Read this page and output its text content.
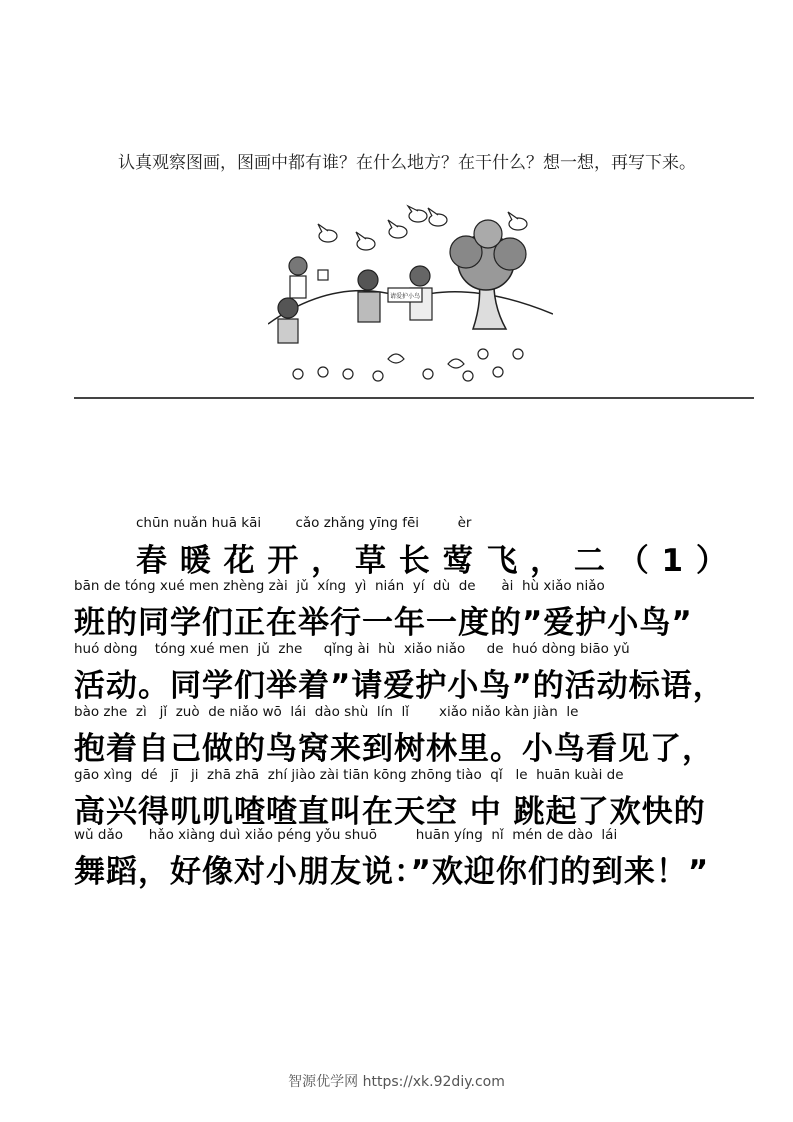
认真观察图画，图画中都有谁？在什么地方？在干什么？想一想，再写下来。
请爱护小鸟
chūn nuǎn huā kāi        cǎo zhǎng yīng fēi         èr
春 暖 花 开 ， 草 长 莺 飞 ， 二 （ 1 ）
bān de tóng xué men zhèng zài  jǔ  xíng  yì  nián  yí  dù  de      ài  hù xiǎo niǎo
班的同学们正在举行一年一度的”爱护小鸟”
huó dòng    tóng xué men  jǔ  zhe     qǐng ài  hù  xiǎo niǎo     de  huó dòng biāo yǔ
活动。同学们举着”请爱护小鸟”的活动标语，
bào zhe  zì   jǐ  zuò  de niǎo wō  lái  dào shù  lín  lǐ       xiǎo niǎo kàn jiàn  le
抱着自己做的鸟窝来到树林里。小鸟看见了，
gāo xìng  dé   jī   ji  zhā zhā  zhí jiào zài tiān kōng zhōng tiào  qǐ   le  huān kuài de
高兴得叽叽喳喳直叫在天空 中 跳起了欢快的
wǔ dǎo      hǎo xiàng duì xiǎo péng yǒu shuō         huān yíng  nǐ  mén de dào  lái
舞蹈，好像对小朋友说：”欢迎你们的到来！”
智源优学网 https://xk.92diy.com
